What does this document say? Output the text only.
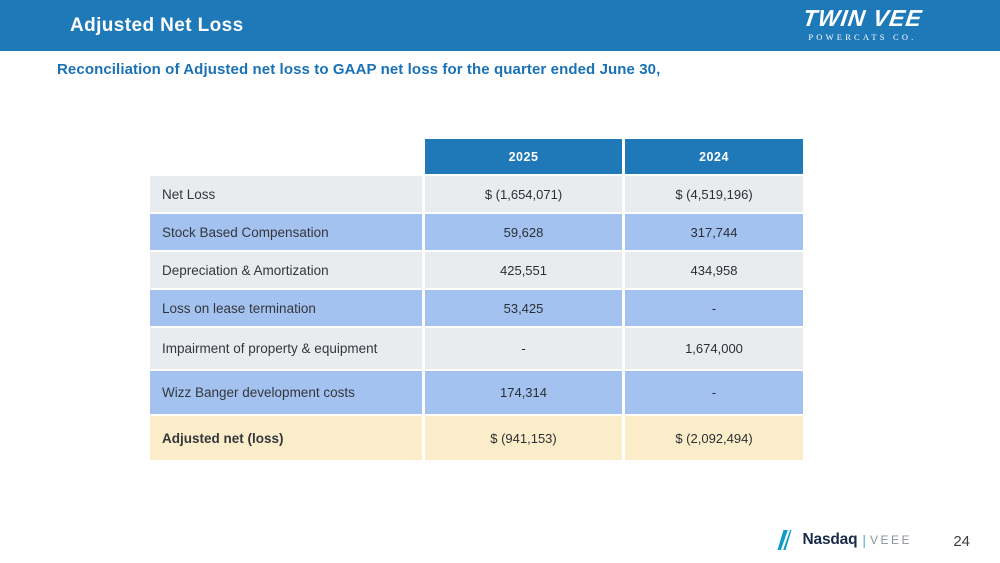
Adjusted Net Loss	TWIN VEE
POWERCATS CO.
Reconciliation of Adjusted net loss to GAAP net loss for the quarter ended June 30,
2025	2024
Net Loss	$ (1,654,071)	$ (4,519,196)
Stock Based Compensation	59,628	317,744
Depreciation & Amortization	425,551	434,958
Loss on lease termination	53,425	-
Impairment of property & equipment	-	1,674,000
Wizz Banger development costs	174,314	-
Adjusted net (loss)	$ (941,153)	$ (2,092,494)
Nasdaq | VEEE	24
